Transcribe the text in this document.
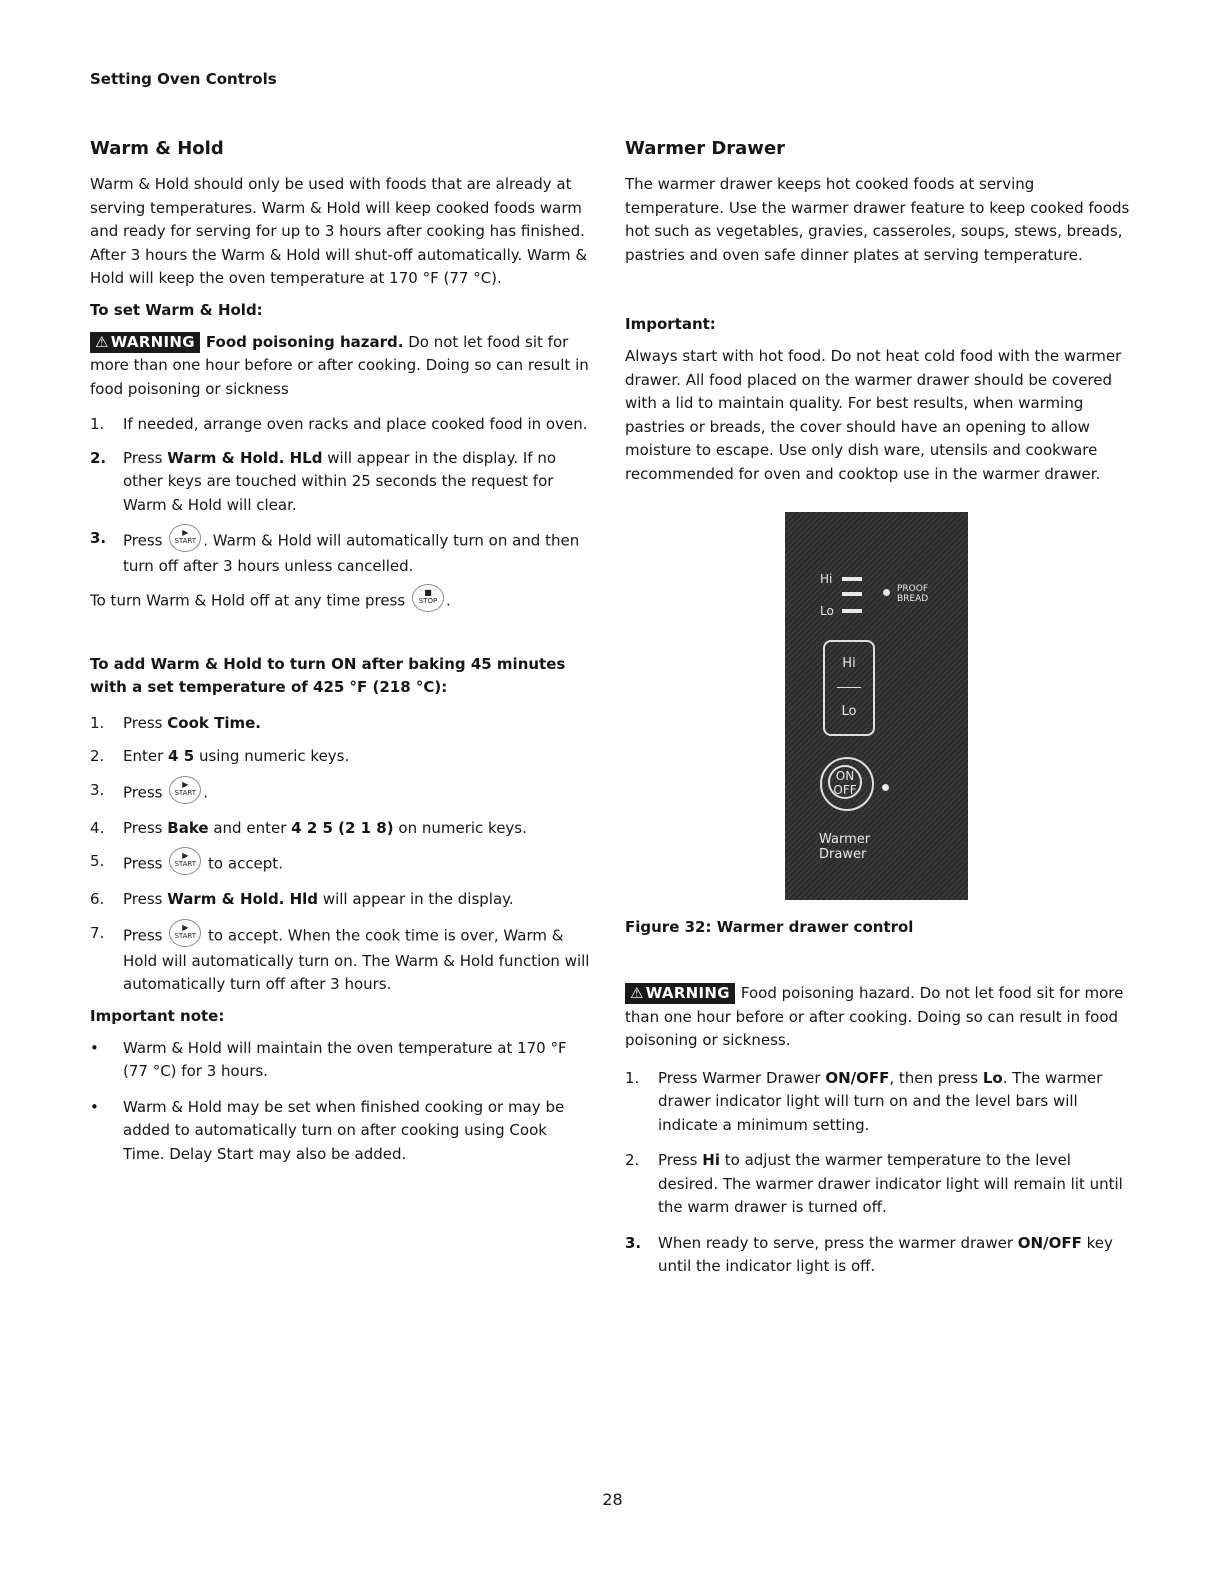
Setting Oven Controls
Warm & Hold

Warm & Hold should only be used with foods that are already at serving temperatures. Warm & Hold will keep cooked foods warm and ready for serving for up to 3 hours after cooking has finished. After 3 hours the Warm & Hold will shut-off automatically. Warm & Hold will keep the oven temperature at 170 °F (77 °C).

To set Warm & Hold:

⚠ WARNING Food poisoning hazard. Do not let food sit for more than one hour before or after cooking. Doing so can result in food poisoning or sickness

1. If needed, arrange oven racks and place cooked food in oven.
2. Press Warm & Hold. HLd will appear in the display. If no other keys are touched within 25 seconds the request for Warm & Hold will clear.
3. Press	▶
START . Warm & Hold will automatically turn on and then turn off after 3 hours unless cancelled.

To turn Warm & Hold off at any time press	■
STOP .

To add Warm & Hold to turn ON after baking 45 minutes with a set temperature of 425 °F (218 °C):
1. Press Cook Time.
2. Enter 4 5 using numeric keys.
3. Press	▶
START .
4. Press Bake and enter 4 2 5 (2 1 8) on numeric keys.
5. Press	▶
START to accept.
6. Press Warm & Hold. Hld will appear in the display.
7. Press	▶
START to accept. When the cook time is over, Warm & Hold will automatically turn on. The Warm & Hold function will automatically turn off after 3 hours.
Important note:
• Warm & Hold will maintain the oven temperature at 170 °F (77 °C) for 3 hours.
• Warm & Hold may be set when finished cooking or may be added to automatically turn on after cooking using Cook Time. Delay Start may also be added.
Warmer Drawer

The warmer drawer keeps hot cooked foods at serving temperature. Use the warmer drawer feature to keep cooked foods hot such as vegetables, gravies, casseroles, soups, stews, breads, pastries and oven safe dinner plates at serving temperature.

Important:

Always start with hot food. Do not heat cold food with the warmer drawer. All food placed on the warmer drawer should be covered with a lid to maintain quality. For best results, when warming pastries or breads, the cover should have an opening to allow moisture to escape. Use only dish ware, utensils and cookware recommended for oven and cooktop use in the warmer drawer.

Hi
Lo
PROOF
BREAD
Hi
Lo
ON
OFF
Warmer
Drawer
Figure 32: Warmer drawer control

⚠ WARNING Food poisoning hazard. Do not let food sit for more than one hour before or after cooking. Doing so can result in food poisoning or sickness.

1. Press Warmer Drawer ON/OFF, then press Lo. The warmer drawer indicator light will turn on and the level bars will indicate a minimum setting.
2. Press Hi to adjust the warmer temperature to the level desired. The warmer drawer indicator light will remain lit until the warm drawer is turned off.
3. When ready to serve, press the warmer drawer ON/OFF key until the indicator light is off.
28
